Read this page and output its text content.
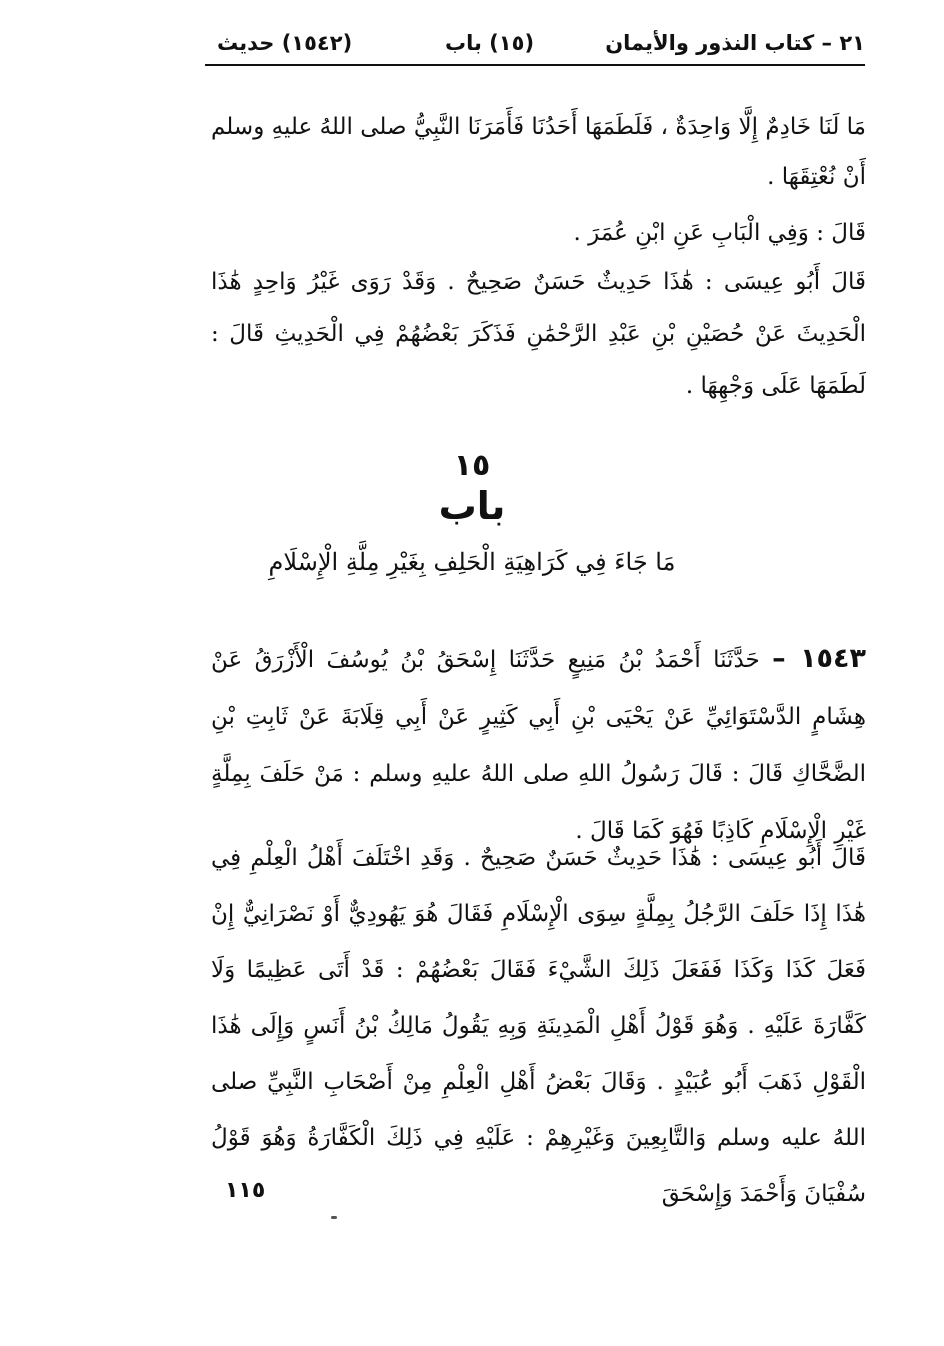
٢١ – كتاب النذور والأيمان
(١٥) باب
(١٥٤٢) حديث

مَا لَنَا خَادِمٌ إِلَّا وَاحِدَةٌ ، فَلَطَمَهَا أَحَدُنَا فَأَمَرَنَا النَّبِيُّ صلى اللهُ عليهِ وسلم أَنْ نُعْتِقَهَا .

قَالَ : وَفِي الْبَابِ عَنِ ابْنِ عُمَرَ .

قَالَ أَبُو عِيسَى : هَٰذَا حَدِيثٌ حَسَنٌ صَحِيحٌ . وَقَدْ رَوَى غَيْرُ وَاحِدٍ هَٰذَا الْحَدِيثَ عَنْ حُصَيْنِ بْنِ عَبْدِ الرَّحْمَٰنِ فَذَكَرَ بَعْضُهُمْ فِي الْحَدِيثِ قَالَ : لَطَمَهَا عَلَى وَجْهِهَا .

١٥
باب
مَا جَاءَ فِي كَرَاهِيَةِ الْحَلِفِ بِغَيْرِ مِلَّةِ الْإِسْلَامِ

١٥٤٣ – حَدَّثَنَا أَحْمَدُ بْنُ مَنِيعٍ حَدَّثَنَا إِسْحَقُ بْنُ يُوسُفَ الْأَزْرَقُ عَنْ هِشَامٍ الدَّسْتَوَائِيِّ عَنْ يَحْيَى بْنِ أَبِي كَثِيرٍ عَنْ أَبِي قِلَابَةَ عَنْ ثَابِتِ بْنِ الضَّحَّاكِ قَالَ : قَالَ رَسُولُ اللهِ صلى اللهُ عليهِ وسلم : مَنْ حَلَفَ بِمِلَّةٍ غَيْرِ الْإِسْلَامِ كَاذِبًا فَهُوَ كَمَا قَالَ .

قَالَ أَبُو عِيسَى : هَٰذَا حَدِيثٌ حَسَنٌ صَحِيحٌ . وَقَدِ اخْتَلَفَ أَهْلُ الْعِلْمِ فِي هَٰذَا إِذَا حَلَفَ الرَّجُلُ بِمِلَّةٍ سِوَى الْإِسْلَامِ فَقَالَ هُوَ يَهُودِيٌّ أَوْ نَصْرَانِيٌّ إِنْ فَعَلَ كَذَا وَكَذَا فَفَعَلَ ذَلِكَ الشَّيْءَ فَقَالَ بَعْضُهُمْ : قَدْ أَتَى عَظِيمًا وَلَا كَفَّارَةَ عَلَيْهِ . وَهُوَ قَوْلُ أَهْلِ الْمَدِينَةِ وَبِهِ يَقُولُ مَالِكُ بْنُ أَنَسٍ وَإِلَى هَٰذَا الْقَوْلِ ذَهَبَ أَبُو عُبَيْدٍ . وَقَالَ بَعْضُ أَهْلِ الْعِلْمِ مِنْ أَصْحَابِ النَّبِيِّ صلى اللهُ عليه وسلم وَالتَّابِعِينَ وَغَيْرِهِمْ : عَلَيْهِ فِي ذَلِكَ الْكَفَّارَةُ وَهُوَ قَوْلُ سُفْيَانَ وَأَحْمَدَ وَإِسْحَقَ

١١٥
